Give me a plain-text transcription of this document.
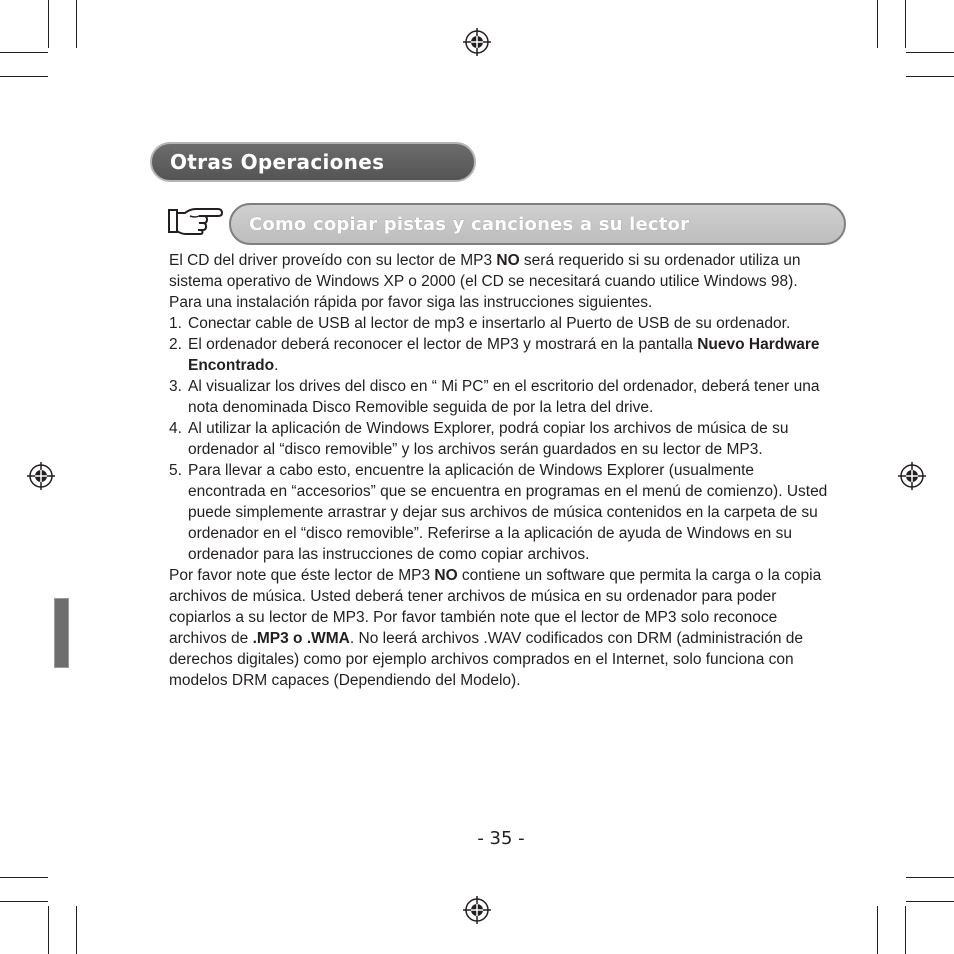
Otras Operaciones
Como copiar pistas y canciones a su lector

El CD del driver proveído con su lector de MP3 NO será requerido si su ordenador utiliza un sistema operativo de Windows XP o 2000 (el CD se necesitará cuando utilice Windows 98). Para una instalación rápida por favor siga las instrucciones siguientes.

1. Conectar cable de USB al lector de mp3 e insertarlo al Puerto de USB de su ordenador.
2. El ordenador deberá reconocer el lector de MP3 y mostrará en la pantalla Nuevo Hardware Encontrado.
3. Al visualizar los drives del disco en “ Mi PC” en el escritorio del ordenador, deberá tener una nota denominada Disco Removible seguida de por la letra del drive.
4. Al utilizar la aplicación de Windows Explorer, podrá copiar los archivos de música de su ordenador al “disco removible” y los archivos serán guardados en su lector de MP3.
5. Para llevar a cabo esto, encuentre la aplicación de Windows Explorer (usualmente encontrada en “accesorios” que se encuentra en programas en el menú de comienzo). Usted puede simplemente arrastrar y dejar sus archivos de música contenidos en la carpeta de su ordenador en el “disco removible”. Referirse a la aplicación de ayuda de Windows en su ordenador para las instrucciones de como copiar archivos.

Por favor note que éste lector de MP3 NO contiene un software que permita la carga o la copia archivos de música. Usted deberá tener archivos de música en su ordenador para poder copiarlos a su lector de MP3. Por favor también note que el lector de MP3 solo reconoce archivos de .MP3 o .WMA. No leerá archivos .WAV codificados con DRM (administración de derechos digitales) como por ejemplo archivos comprados en el Internet, solo funciona con modelos DRM capaces (Dependiendo del Modelo).

- 35 -
